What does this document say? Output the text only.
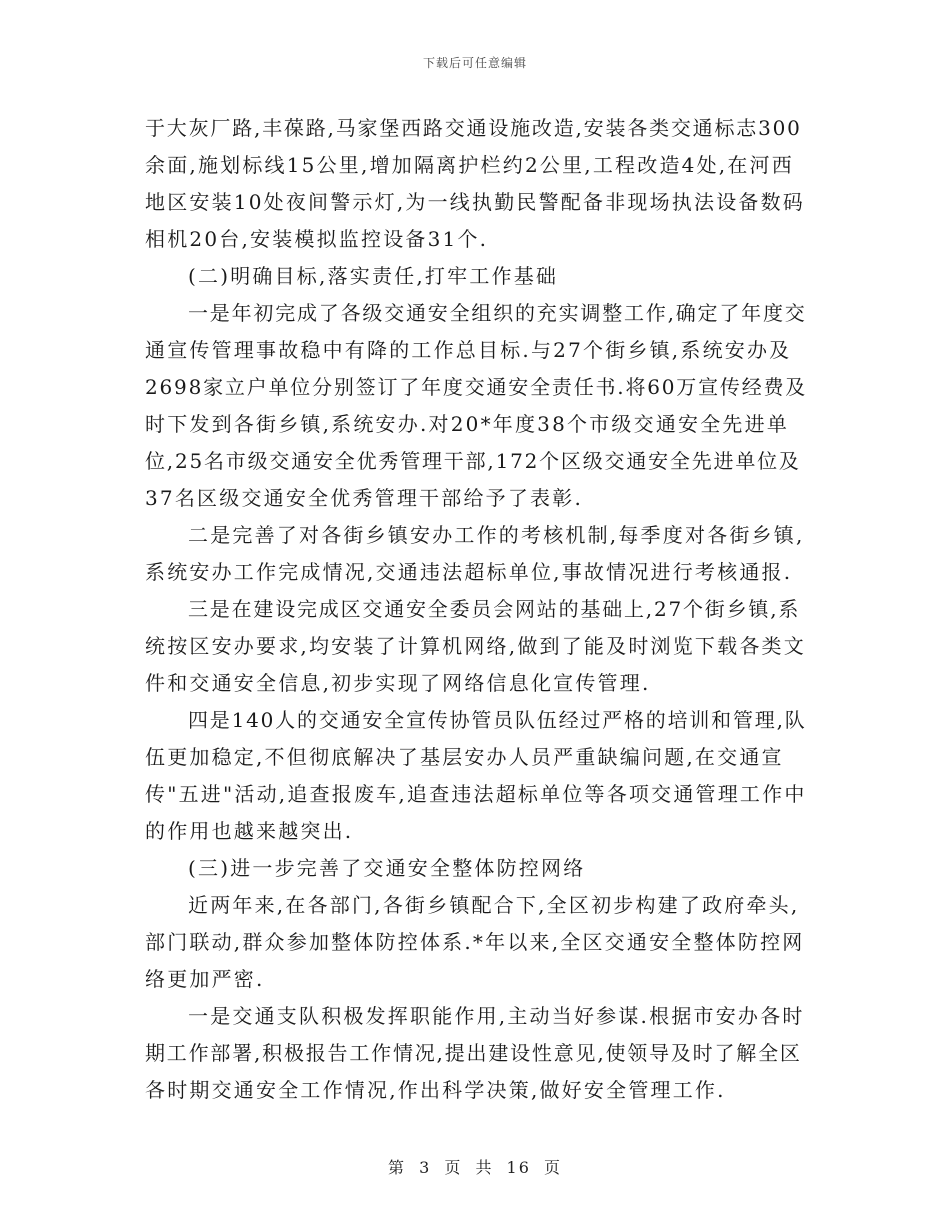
下载后可任意编辑
于大灰厂路,丰葆路,马家堡西路交通设施改造,安装各类交通标志300
余面,施划标线15公里,增加隔离护栏约2公里,工程改造4处,在河西
地区安装10处夜间警示灯,为一线执勤民警配备非现场执法设备数码
相机20台,安装模拟监控设备31个.
(二)明确目标,落实责任,打牢工作基础
一是年初完成了各级交通安全组织的充实调整工作,确定了年度交
通宣传管理事故稳中有降的工作总目标.与27个街乡镇,系统安办及
2698家立户单位分别签订了年度交通安全责任书.将60万宣传经费及
时下发到各街乡镇,系统安办.对20*年度38个市级交通安全先进单
位,25名市级交通安全优秀管理干部,172个区级交通安全先进单位及
37名区级交通安全优秀管理干部给予了表彰.
二是完善了对各街乡镇安办工作的考核机制,每季度对各街乡镇,
系统安办工作完成情况,交通违法超标单位,事故情况进行考核通报.
三是在建设完成区交通安全委员会网站的基础上,27个街乡镇,系
统按区安办要求,均安装了计算机网络,做到了能及时浏览下载各类文
件和交通安全信息,初步实现了网络信息化宣传管理.
四是140人的交通安全宣传协管员队伍经过严格的培训和管理,队
伍更加稳定,不但彻底解决了基层安办人员严重缺编问题,在交通宣
传"五进"活动,追查报废车,追查违法超标单位等各项交通管理工作中
的作用也越来越突出.
(三)进一步完善了交通安全整体防控网络
近两年来,在各部门,各街乡镇配合下,全区初步构建了政府牵头,
部门联动,群众参加整体防控体系.*年以来,全区交通安全整体防控网
络更加严密.
一是交通支队积极发挥职能作用,主动当好参谋.根据市安办各时
期工作部署,积极报告工作情况,提出建设性意见,使领导及时了解全区
各时期交通安全工作情况,作出科学决策,做好安全管理工作.
第 3 页 共 16 页
